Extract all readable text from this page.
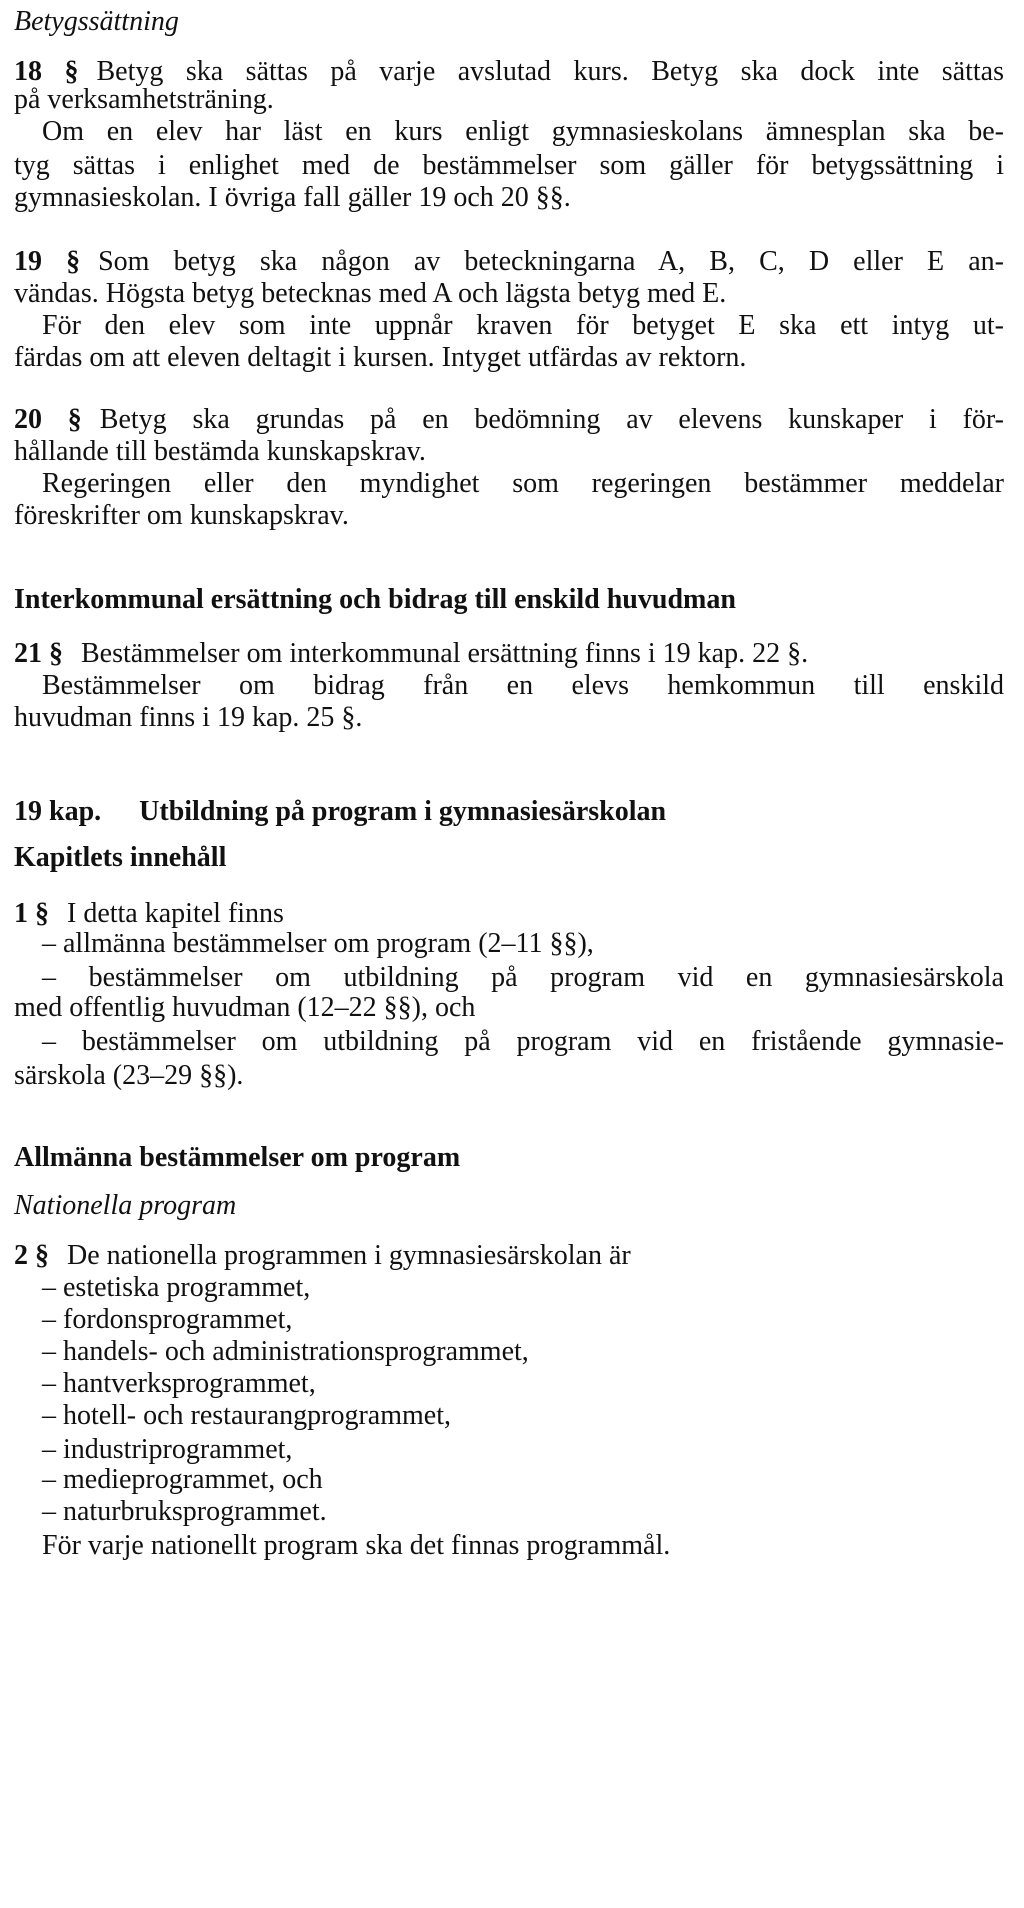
Betygssättning
18 § Betyg ska sättas på varje avslutad kurs. Betyg ska dock inte sättas
på verksamhetsträning.
Om en elev har läst en kurs enligt gymnasieskolans ämnesplan ska be-
tyg sättas i enlighet med de bestämmelser som gäller för betygssättning i
gymnasieskolan. I övriga fall gäller 19 och 20 §§.
19 § Som betyg ska någon av beteckningarna A, B, C, D eller E an-
vändas. Högsta betyg betecknas med A och lägsta betyg med E.
För den elev som inte uppnår kraven för betyget E ska ett intyg ut-
färdas om att eleven deltagit i kursen. Intyget utfärdas av rektorn.
20 § Betyg ska grundas på en bedömning av elevens kunskaper i för-
hållande till bestämda kunskapskrav.
Regeringen eller den myndighet som regeringen bestämmer meddelar
föreskrifter om kunskapskrav.
Interkommunal ersättning och bidrag till enskild huvudman
21 § Bestämmelser om interkommunal ersättning finns i 19 kap. 22 §.
Bestämmelser om bidrag från en elevs hemkommun till enskild
huvudman finns i 19 kap. 25 §.
19 kap. Utbildning på program i gymnasiesärskolan
Kapitlets innehåll
1 § I detta kapitel finns
– allmänna bestämmelser om program (2–11 §§),
– bestämmelser om utbildning på program vid en gymnasiesärskola
med offentlig huvudman (12–22 §§), och
– bestämmelser om utbildning på program vid en fristående gymnasie-
särskola (23–29 §§).
Allmänna bestämmelser om program
Nationella program
2 § De nationella programmen i gymnasiesärskolan är
– estetiska programmet,
– fordonsprogrammet,
– handels- och administrationsprogrammet,
– hantverksprogrammet,
– hotell- och restaurangprogrammet,
– industriprogrammet,
– medieprogrammet, och
– naturbruksprogrammet.
För varje nationellt program ska det finnas programmål.
